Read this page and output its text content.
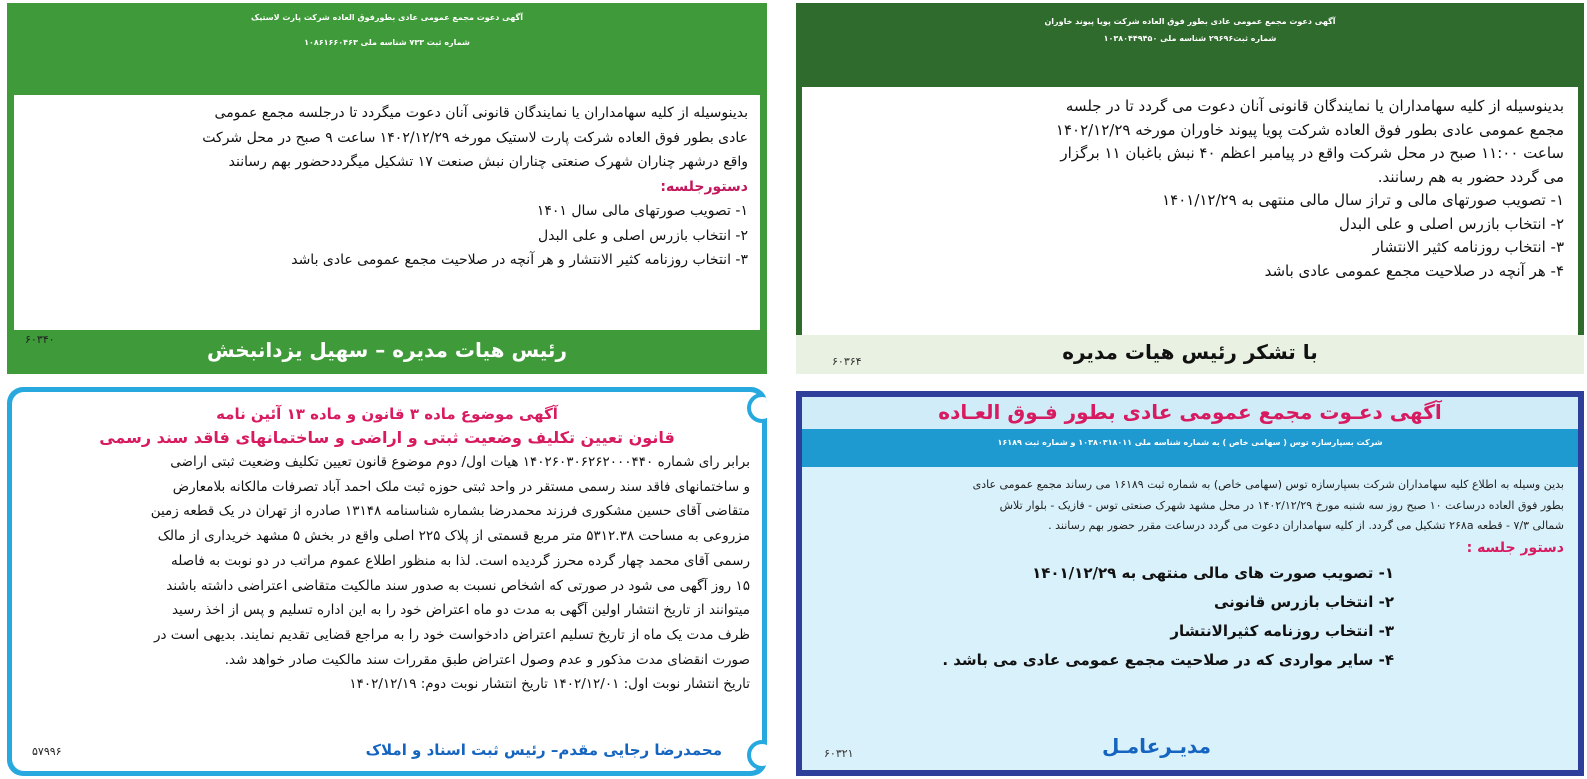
آگهی دعوت مجمع عمومی عادی بطور فوق العاده شرکت پویا پیوند خاوران
شماره ثبت۲۹۶۹۶ شناسه ملی ۱۰۳۸۰۴۴۹۴۵۰

بدینوسیله از کلیه سهامداران یا نمایندگان قانونی آنان دعوت می گردد تا در جلسه

مجمع عمومی عادی بطور فوق العاده شرکت پویا پیوند خاوران مورخه ۱۴۰۲/۱۲/۲۹

ساعت ۱۱:۰۰ صبح در محل شرکت واقع در پیامبر اعظم ۴۰ نبش باغبان ۱۱ برگزار

می گردد حضور به هم رسانند.

۱- تصویب صورتهای مالی و تراز سال مالی منتهی به ۱۴۰۱/۱۲/۲۹

۲- انتخاب بازرس اصلی و علی البدل

۳- انتخاب روزنامه کثیر الانتشار

۴- هر آنچه در صلاحیت مجمع عمومی عادی باشد

با تشکر رئیس هیات مدیره
۶۰۳۶۴
آگهی دعوت مجمع عمومی عادی بطورفوق العاده شرکت پارت لاستیک
شماره ثبت ۷۳۳ شناسه ملی ۱۰۸۶۱۶۶۰۴۶۳

بدینوسیله از کلیه سهامداران یا نمایندگان قانونی آنان دعوت میگردد تا درجلسه مجمع عمومی

عادی بطور فوق العاده شرکت پارت لاستیک مورخه ۱۴۰۲/۱۲/۲۹ ساعت ۹ صبح در محل شرکت

واقع درشهر چناران شهرک صنعتی چناران نبش صنعت ۱۷ تشکیل میگرددحضور بهم رسانند

دستورجلسه:

۱- تصویب صورتهای مالی سال ۱۴۰۱

۲- انتخاب بازرس اصلی و علی البدل

۳- انتخاب روزنامه کثیر الانتشار و هر آنچه در صلاحیت مجمع عمومی عادی باشد

۶۰۳۴۰	رئیس هیات مدیره – سهیل یزدانبخش
آگهی موضوع ماده ۳ قانون و ماده ۱۳ آئین نامه
قانون تعیین تکلیف وضعیت ثبتی و اراضی و ساختمانهای فاقد سند رسمی

برابر رای شماره ۱۴۰۲۶۰۳۰۶۲۶۲۰۰۰۴۴۰ هیات اول/ دوم موضوع قانون تعیین تکلیف وضعیت ثبتی اراضی

و ساختمانهای فاقد سند رسمی مستقر در واحد ثبتی حوزه ثبت ملک احمد آباد تصرفات مالکانه بلامعارض

متقاضی آقای حسین مشکوری فرزند محمدرضا بشماره شناسنامه ۱۳۱۴۸ صادره از تهران در یک قطعه زمین

مزروعی به مساحت ۵۳۱۲.۳۸ متر مربع قسمتی از پلاک ۲۲۵ اصلی واقع در بخش ۵ مشهد خریداری از مالک

رسمی آقای محمد چهار گرده محرز گردیده است. لذا به منظور اطلاع عموم مراتب در دو نوبت به فاصله

۱۵ روز آگهی می شود در صورتی که اشخاص نسبت به صدور سند مالکیت متقاضی اعتراضی داشته باشند

میتوانند از تاریخ انتشار اولین آگهی به مدت دو ماه اعتراض خود را به این اداره تسلیم و پس از اخذ رسید

ظرف مدت یک ماه از تاریخ تسلیم اعتراض دادخواست خود را به مراجع قضایی تقدیم نمایند. بدیهی است در

صورت انقضای مدت مذکور و عدم وصول اعتراض طبق مقررات سند مالکیت صادر خواهد شد.

تاریخ انتشار نوبت اول: ۱۴۰۲/۱۲/۰۱ تاریخ انتشار نوبت دوم: ۱۴۰۲/۱۲/۱۹

محمدرضا رجایی مقدم– رئیس ثبت اسناد و املاک
۵۷۹۹۶
آگهی دعـوت مجمع عمومی عادی بطور فـوق العـاده
شرکت بسپارسازه توس ( سهامی خاص ) به شماره شناسه ملی ۱۰۳۸۰۳۱۸۰۱۱ و شماره ثبت ۱۶۱۸۹

بدین وسیله به اطلاع کلیه سهامداران شرکت بسپارسازه توس (سهامی خاص) به شماره ثبت ۱۶۱۸۹ می رساند مجمع عمومی عادی

بطور فوق العاده درساعت ۱۰ صبح روز سه شنبه مورخ ۱۴۰۲/۱۲/۲۹ در محل مشهد شهرک صنعتی توس - فازیک - بلوار تلاش

شمالی ۷/۳ - قطعه ۲۶۸a تشکیل می گردد. از کلیه سهامداران دعوت می گردد درساعت مقرر حضور بهم رسانند .

دستور جلسه :

۱- تصویب صورت های مالی منتهی به ۱۴۰۱/۱۲/۲۹

۲- انتخاب بازرس قانونی

۳- انتخاب روزنامه کثیرالانتشار

۴- سایر مواردی که در صلاحیت مجمع عمومی عادی می باشد .

مدیـرعامـل
۶۰۳۲۱
